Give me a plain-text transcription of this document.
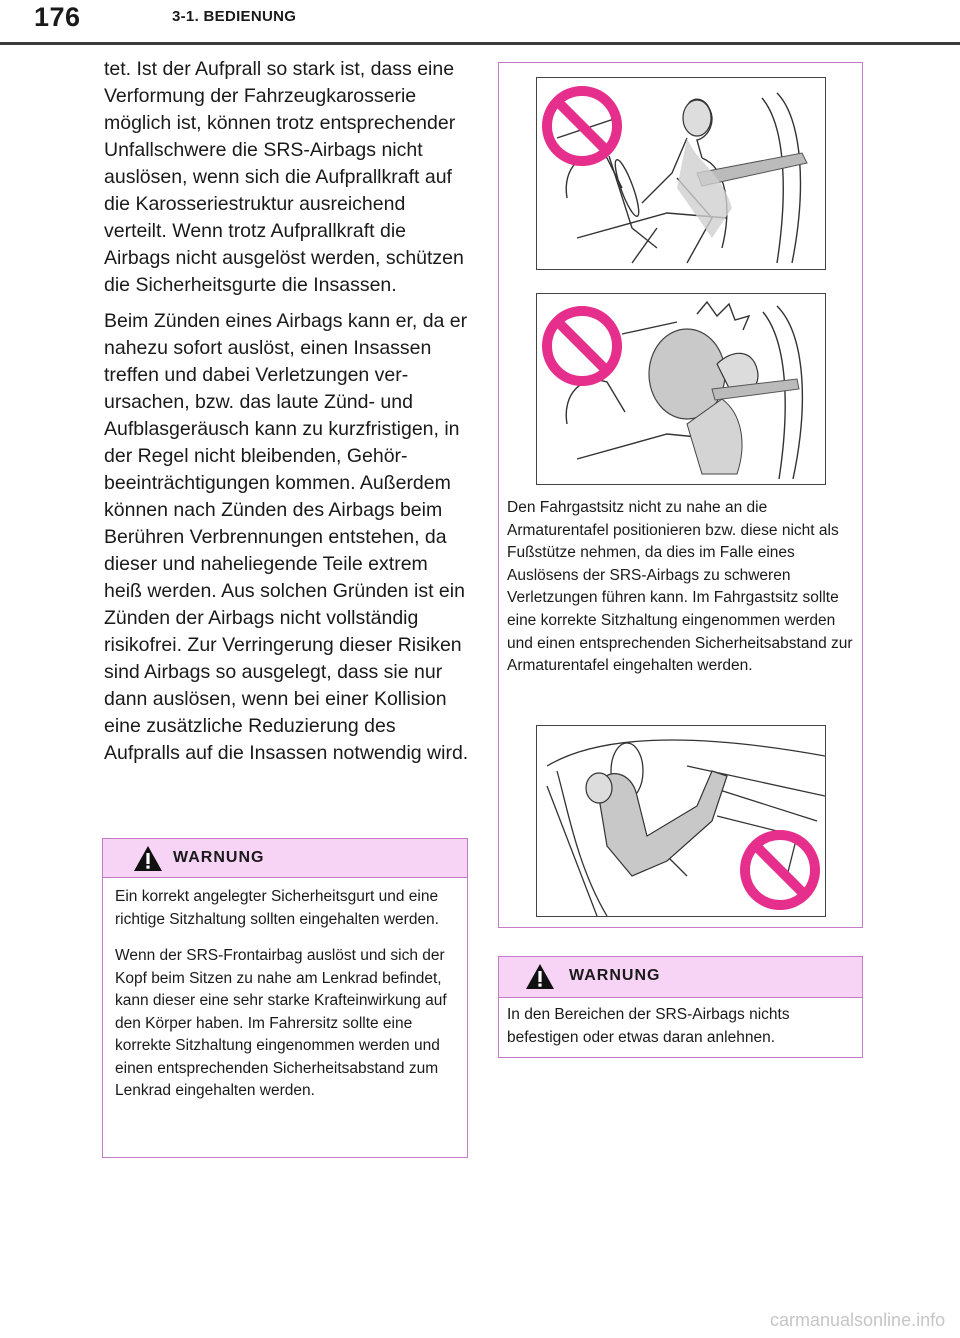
176	3-1. BEDIENUNG

tet. Ist der Aufprall so stark ist, dass eine Verformung der Fahrzeugkarosserie möglich ist, können trotz entsprechender Unfallschwere die SRS-Airbags nicht auslösen, wenn sich die Aufprallkraft auf die Karosseriestruktur ausreichend verteilt. Wenn trotz Aufprallkraft die Airbags nicht ausgelöst werden, schützen die Sicherheitsgurte die Insassen.

Beim Zünden eines Airbags kann er, da er nahezu sofort auslöst, einen Insassen treffen und dabei Verletzungen verursachen, bzw. das laute Zünd- und Aufblasgeräusch kann zu kurzfristigen, in der Regel nicht bleibenden, Gehörbeeinträchtigungen kommen. Außerdem können nach Zünden des Airbags beim Berühren Verbrennungen entstehen, da dieser und naheliegende Teile extrem heiß werden. Aus solchen Gründen ist ein Zünden der Airbags nicht vollständig risikofrei. Zur Verringerung dieser Risiken sind Airbags so ausgelegt, dass sie nur dann auslösen, wenn bei einer Kollision eine zusätzliche Reduzierung des Aufpralls auf die Insassen notwendig wird.

WARNUNG

Ein korrekt angelegter Sicherheitsgurt und eine richtige Sitzhaltung sollten eingehalten werden.

Wenn der SRS-Frontairbag auslöst und sich der Kopf beim Sitzen zu nahe am Lenkrad befindet, kann dieser eine sehr starke Krafteinwirkung auf den Körper haben. Im Fahrersitz sollte eine korrekte Sitzhaltung eingenommen werden und einen entsprechenden Sicherheitsabstand zum Lenkrad eingehalten werden.

Den Fahrgastsitz nicht zu nahe an die Armaturentafel positionieren bzw. diese nicht als Fußstütze nehmen, da dies im Falle eines Auslösens der SRS-Airbags zu schweren Verletzungen führen kann. Im Fahrgastsitz sollte eine korrekte Sitzhaltung eingenommen werden und einen entsprechenden Sicherheitsabstand zur Armaturentafel eingehalten werden.
WARNUNG

In den Bereichen der SRS-Airbags nichts befestigen oder etwas daran anlehnen.

carmanualsonline.info
